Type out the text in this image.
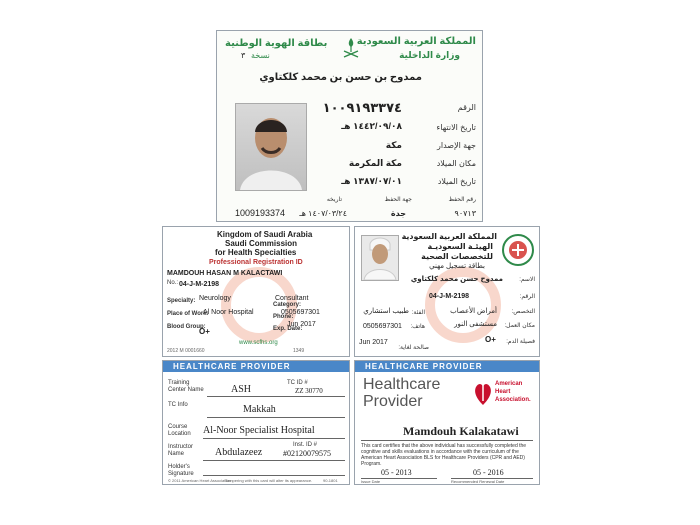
المملكة العربية السعودية
وزارة الداخلية
بطاقة الهوية الوطنية
نسخة
٣
ممدوح بن حسن بن محمد كلكتاوي
الرقم
١٠٠٩١٩٣٣٧٤
تاريخ الانتهاء
١٤٤٢/٠٩/٠٨ هـ
جهة الإصدار
مكة
مكان الميلاد
مكة المكرمة
تاريخ الميلاد
١٣٨٧/٠٧/٠١ هـ
رقم الحفظ
جهة الحفظ
تاريخه
٩٠٧١٣
جدة
١٤٠٧/٠٣/٢٤ هـ
1009193374
Kingdom of Saudi Arabia
Saudi Commission
for Health Specialties
Professional Registration ID
MAMDOUH HASAN M KALACTAWI
No.: 04-J-M-2198
Specialty: Neurology
Category:
Consultant
Place of Work:
Al Noor Hospital
Phone:
0505697301
Exp. Date:
Jun 2017
Blood Group:
O+
www.scfhs.org
2012 M 0001660	1349
المملكة العربية السعودية
الهيئـة السعوديـة
للتخصصات الصحية
بطاقة تسجيل مهني
الاسم:
ممدوح حسن محمد كلكتاوي
الرقم:
04-J-M-2198
التخصص:
أمراض الأعصاب
الفئة:
طبيب استشاري
مكان العمل:
مستشفى النور
هاتف:
0505697301
فصيلة الدم:
O+
صالحة لغاية:
Jun 2017
HEALTHCARE PROVIDER
Training Center Name	ASH
TC ID #
ZZ 30770
TC Info	Makkah
Course Location	Al-Noor Specialist Hospital
Instructor Name	Abdulazeez
Inst. ID #
#02120079575
Holder's Signature
© 2011 American Heart Association
Tampering with this card will alter its appearance.	90-1801
HEALTHCARE PROVIDER
Healthcare
Provider
American
Heart
Association.
Mamdouh Kalakatawi
This card certifies that the above individual has successfully completed the cognitive and skills evaluations in accordance with the curriculum of the American Heart Association BLS for Healthcare Providers (CPR and AED) Program.
05 - 2013	05 - 2016
Issue Date	Recommended Renewal Date
